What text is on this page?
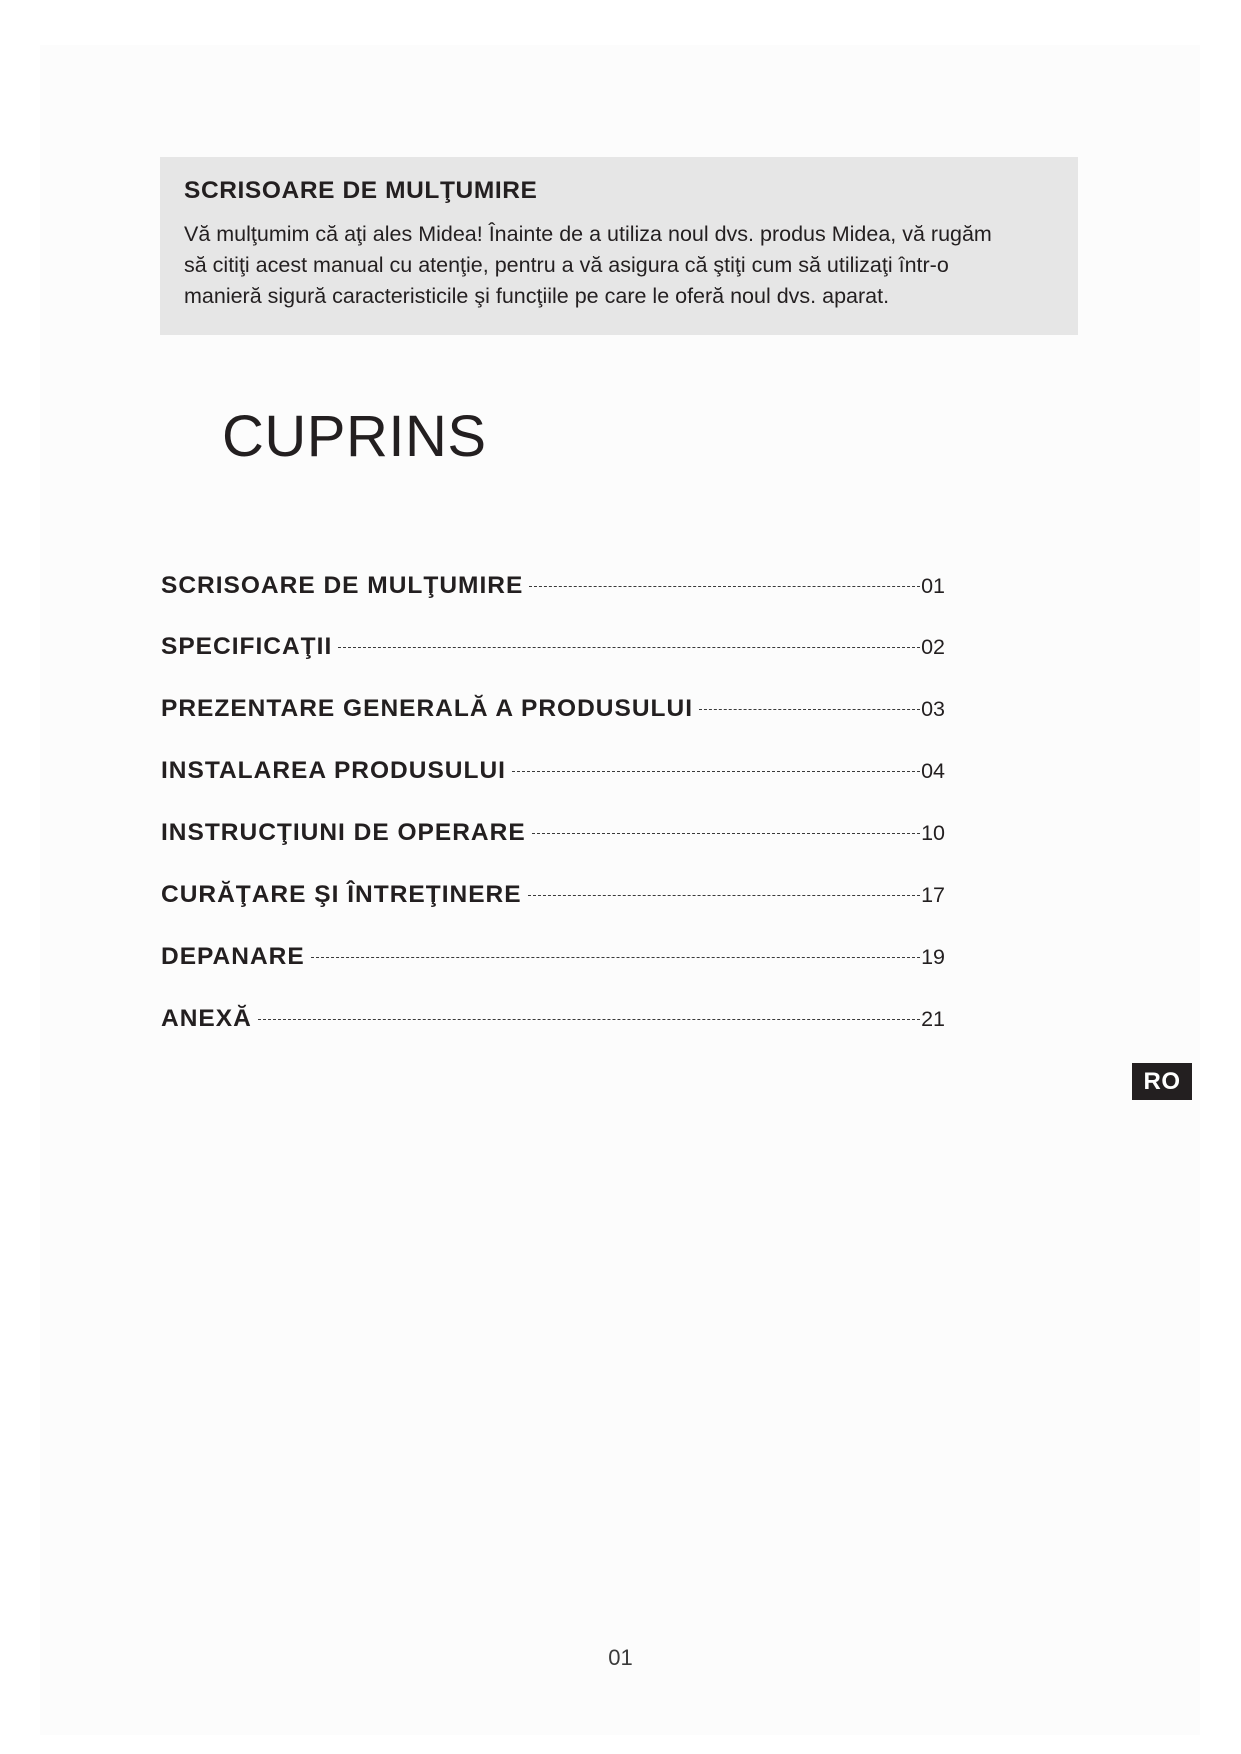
SCRISOARE DE MULŢUMIRE

Vă mulţumim că aţi ales Midea! Înainte de a utiliza noul dvs. produs Midea, vă rugăm
să citiţi acest manual cu atenţie, pentru a vă asigura că ştiţi cum să utilizaţi într-o
manieră sigură caracteristicile şi funcţiile pe care le oferă noul dvs. aparat.

CUPRINS
SCRISOARE DE MULŢUMIRE	01
SPECIFICAŢII	02
PREZENTARE GENERALĂ A PRODUSULUI	03
INSTALAREA PRODUSULUI	04
INSTRUCŢIUNI DE OPERARE	10
CURĂŢARE ŞI ÎNTREŢINERE	17
DEPANARE	19
ANEXĂ	21
RO
01
